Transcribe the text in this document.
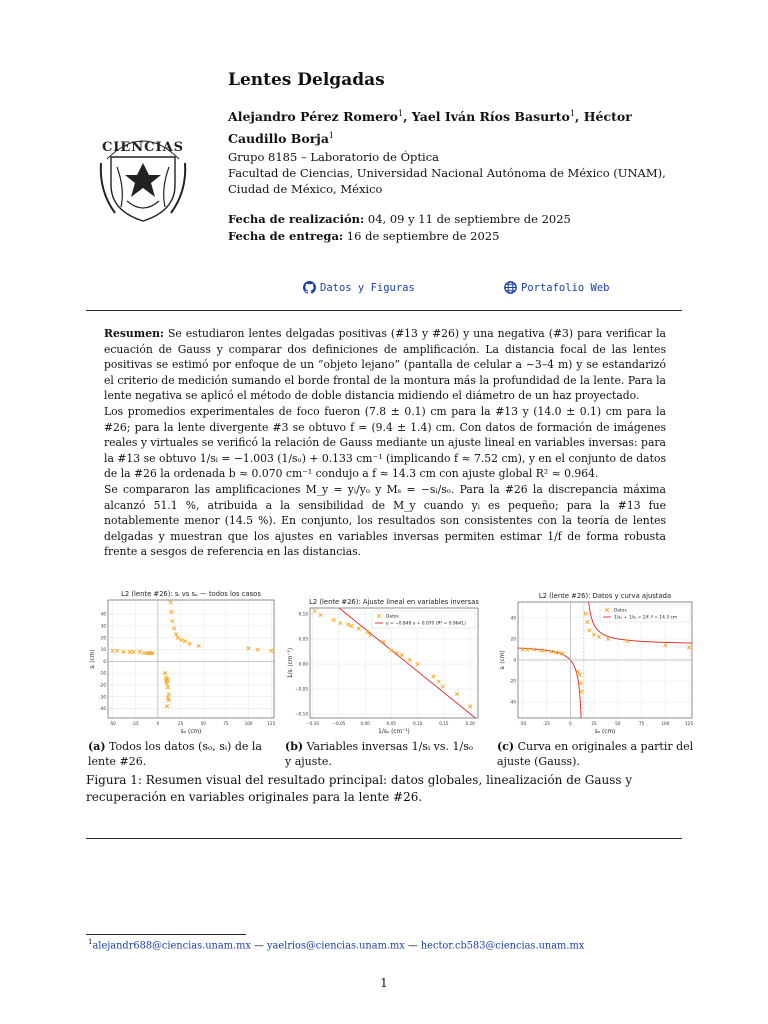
CIENCIAS
Lentes Delgadas

Alejandro Pérez Romero$^1$, Yael Iván Ríos Basurto$^1$, Héctor Caudillo Borja$^1$

Grupo 8185 – Laboratorio de Óptica
Facultad de Ciencias, Universidad Nacional Autónoma de México (UNAM), Ciudad de México, México
Fecha de realización: 04, 09 y 11 de septiembre de 2025
Fecha de entrega: 16 de septiembre de 2025
Datos y Figuras	Portafolio Web

Resumen: Se estudiaron lentes delgadas positivas (#13 y #26) y una negativa (#3) para verificar la ecuación de Gauss y comparar dos definiciones de amplificación. La distancia focal de las lentes positivas se estimó por enfoque de un “objeto lejano” (pantalla de celular a ∼3–4 m) y se estandarizó el criterio de medición sumando el borde frontal de la montura más la profundidad de la lente. Para la lente negativa se aplicó el método de doble distancia midiendo el diámetro de un haz proyectado.

Los promedios experimentales de foco fueron (7.8 ± 0.1) cm para la #13 y (14.0 ± 0.1) cm para la #26; para la lente divergente #3 se obtuvo f = (9.4 ± 1.4) cm. Con datos de formación de imágenes reales y virtuales se verificó la relación de Gauss mediante un ajuste lineal en variables inversas: para la #13 se obtuvo 1/sᵢ = −1.003 (1/sₒ) + 0.133 cm⁻¹ (implicando f ≈ 7.52 cm), y en el conjunto de datos de la #26 la ordenada b ≈ 0.070 cm⁻¹ condujo a f ≈ 14.3 cm con ajuste global R² ≈ 0.964.

Se compararon las amplificaciones M_y = yᵢ/yₒ y Mₛ = −sᵢ/sₒ. Para la #26 la discrepancia máxima alcanzó 51.1 %, atribuida a la sensibilidad de M_y cuando yᵢ es pequeño; para la #13 fue notablemente menor (14.5 %). En conjunto, los resultados son consistentes con la teoría de lentes delgadas y muestran que los ajustes en variables inversas permiten estimar 1/f de forma robusta frente a sesgos de referencia en las distancias.

L2 (lente #26): sᵢ vs sₒ — todos los casos
-50	-25	0	25	50	75	100	125
-40
-30
-20
-10
0
10
20
30
40
sₒ (cm)
sᵢ (cm)
L2 (lente #26): Ajuste lineal en variables inversas
−0.10	−0.05	0.00	0.05	0.10	0.15	0.20
−0.10
−0.05
0.00
0.05
0.10
1/sₒ (cm⁻¹)
1/sᵢ (cm⁻¹)
Datos
y = −0.848 x + 0.070 (R² = 0.9641)
L2 (lente #26): Datos y curva ajustada
-50	-25	0	25	50	75	100	125
-40
-20
0
20
40
sₒ (cm)
sᵢ (cm)
Datos
1/sₒ + 1/sᵢ = 1/f, f = 14.3 cm
(a) Todos los datos (sₒ, sᵢ) de la lente #26.
(b) Variables inversas 1/sᵢ vs. 1/sₒ y ajuste.
(c) Curva en originales a partir del ajuste (Gauss).
Figura 1: Resumen visual del resultado principal: datos globales, linealización de Gauss y recuperación en variables originales para la lente #26.
$^1$alejandr688@ciencias.unam.mx — yaelrios@ciencias.unam.mx — hector.cb583@ciencias.unam.mx
1
